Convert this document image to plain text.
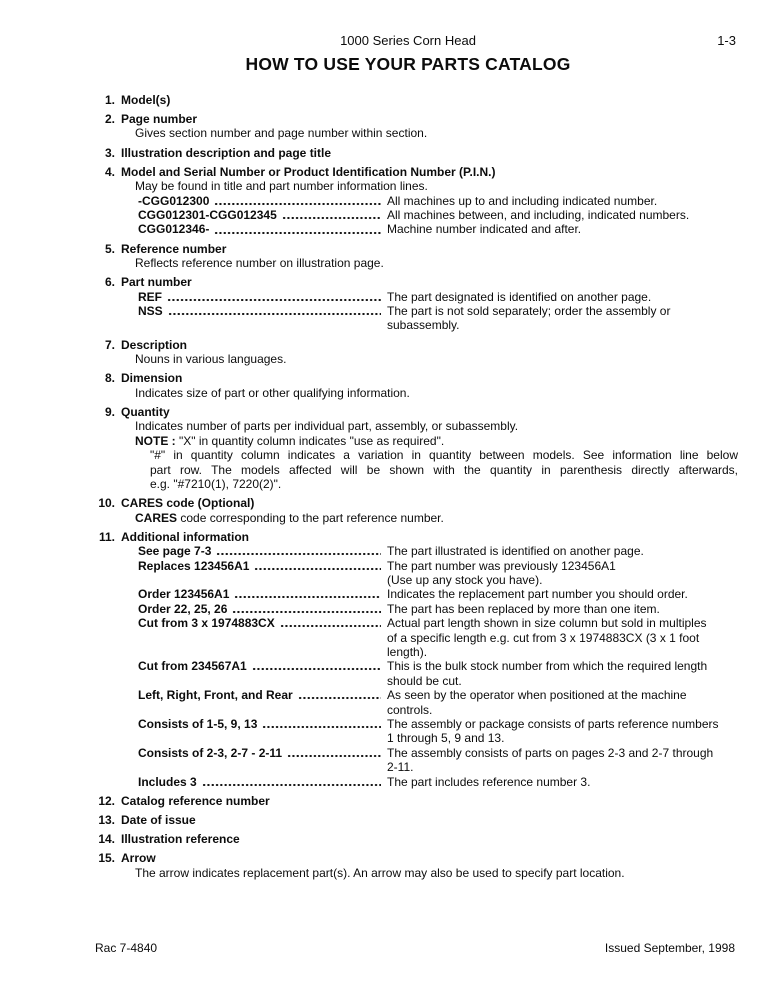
1000 Series Corn Head	1-3
HOW TO USE YOUR PARTS CATALOG
1. Model(s)
2. Page number
Gives section number and page number within section.
3. Illustration description and page title
4. Model and Serial Number or Product Identification Number (P.I.N.)
May be found in title and part number information lines.
-CGG012300	All machines up to and including indicated number.
CGG012301-CGG012345	All machines between, and including, indicated numbers.
CGG012346-	Machine number indicated and after.
5. Reference number
Reflects reference number on illustration page.
6. Part number
REF	The part designated is identified on another page.
NSS	The part is not sold separately; order the assembly or
subassembly.
7. Description
Nouns in various languages.
8. Dimension
Indicates size of part or other qualifying information.
9. Quantity
Indicates number of parts per individual part, assembly, or subassembly.
NOTE : "X" in quantity column indicates "use as required".
"#" in quantity column indicates a variation in quantity between models. See information line below
part row. The models affected will be shown with the quantity in parenthesis directly afterwards,
e.g. "#7210(1), 7220(2)".
10. CARES code (Optional)
CARES code corresponding to the part reference number.
11. Additional information
See page 7-3	The part illustrated is identified on another page.
Replaces 123456A1	The part number was previously 123456A1
(Use up any stock you have).
Order 123456A1	Indicates the replacement part number you should order.
Order 22, 25, 26	The part has been replaced by more than one item.
Cut from 3 x 1974883CX	Actual part length shown in size column but sold in multiples
of a specific length e.g. cut from 3 x 1974883CX (3 x 1 foot
length).
Cut from 234567A1	This is the bulk stock number from which the required length
should be cut.
Left, Right, Front, and Rear	As seen by the operator when positioned at the machine
controls.
Consists of 1-5, 9, 13	The assembly or package consists of parts reference numbers
1 through 5, 9 and 13.
Consists of 2-3, 2-7 - 2-11	The assembly consists of parts on pages 2-3 and 2-7 through
2-11.
Includes 3	The part includes reference number 3.
12. Catalog reference number
13. Date of issue
14. Illustration reference
15. Arrow
The arrow indicates replacement part(s). An arrow may also be used to specify part location.
Rac 7-4840	Issued September, 1998
